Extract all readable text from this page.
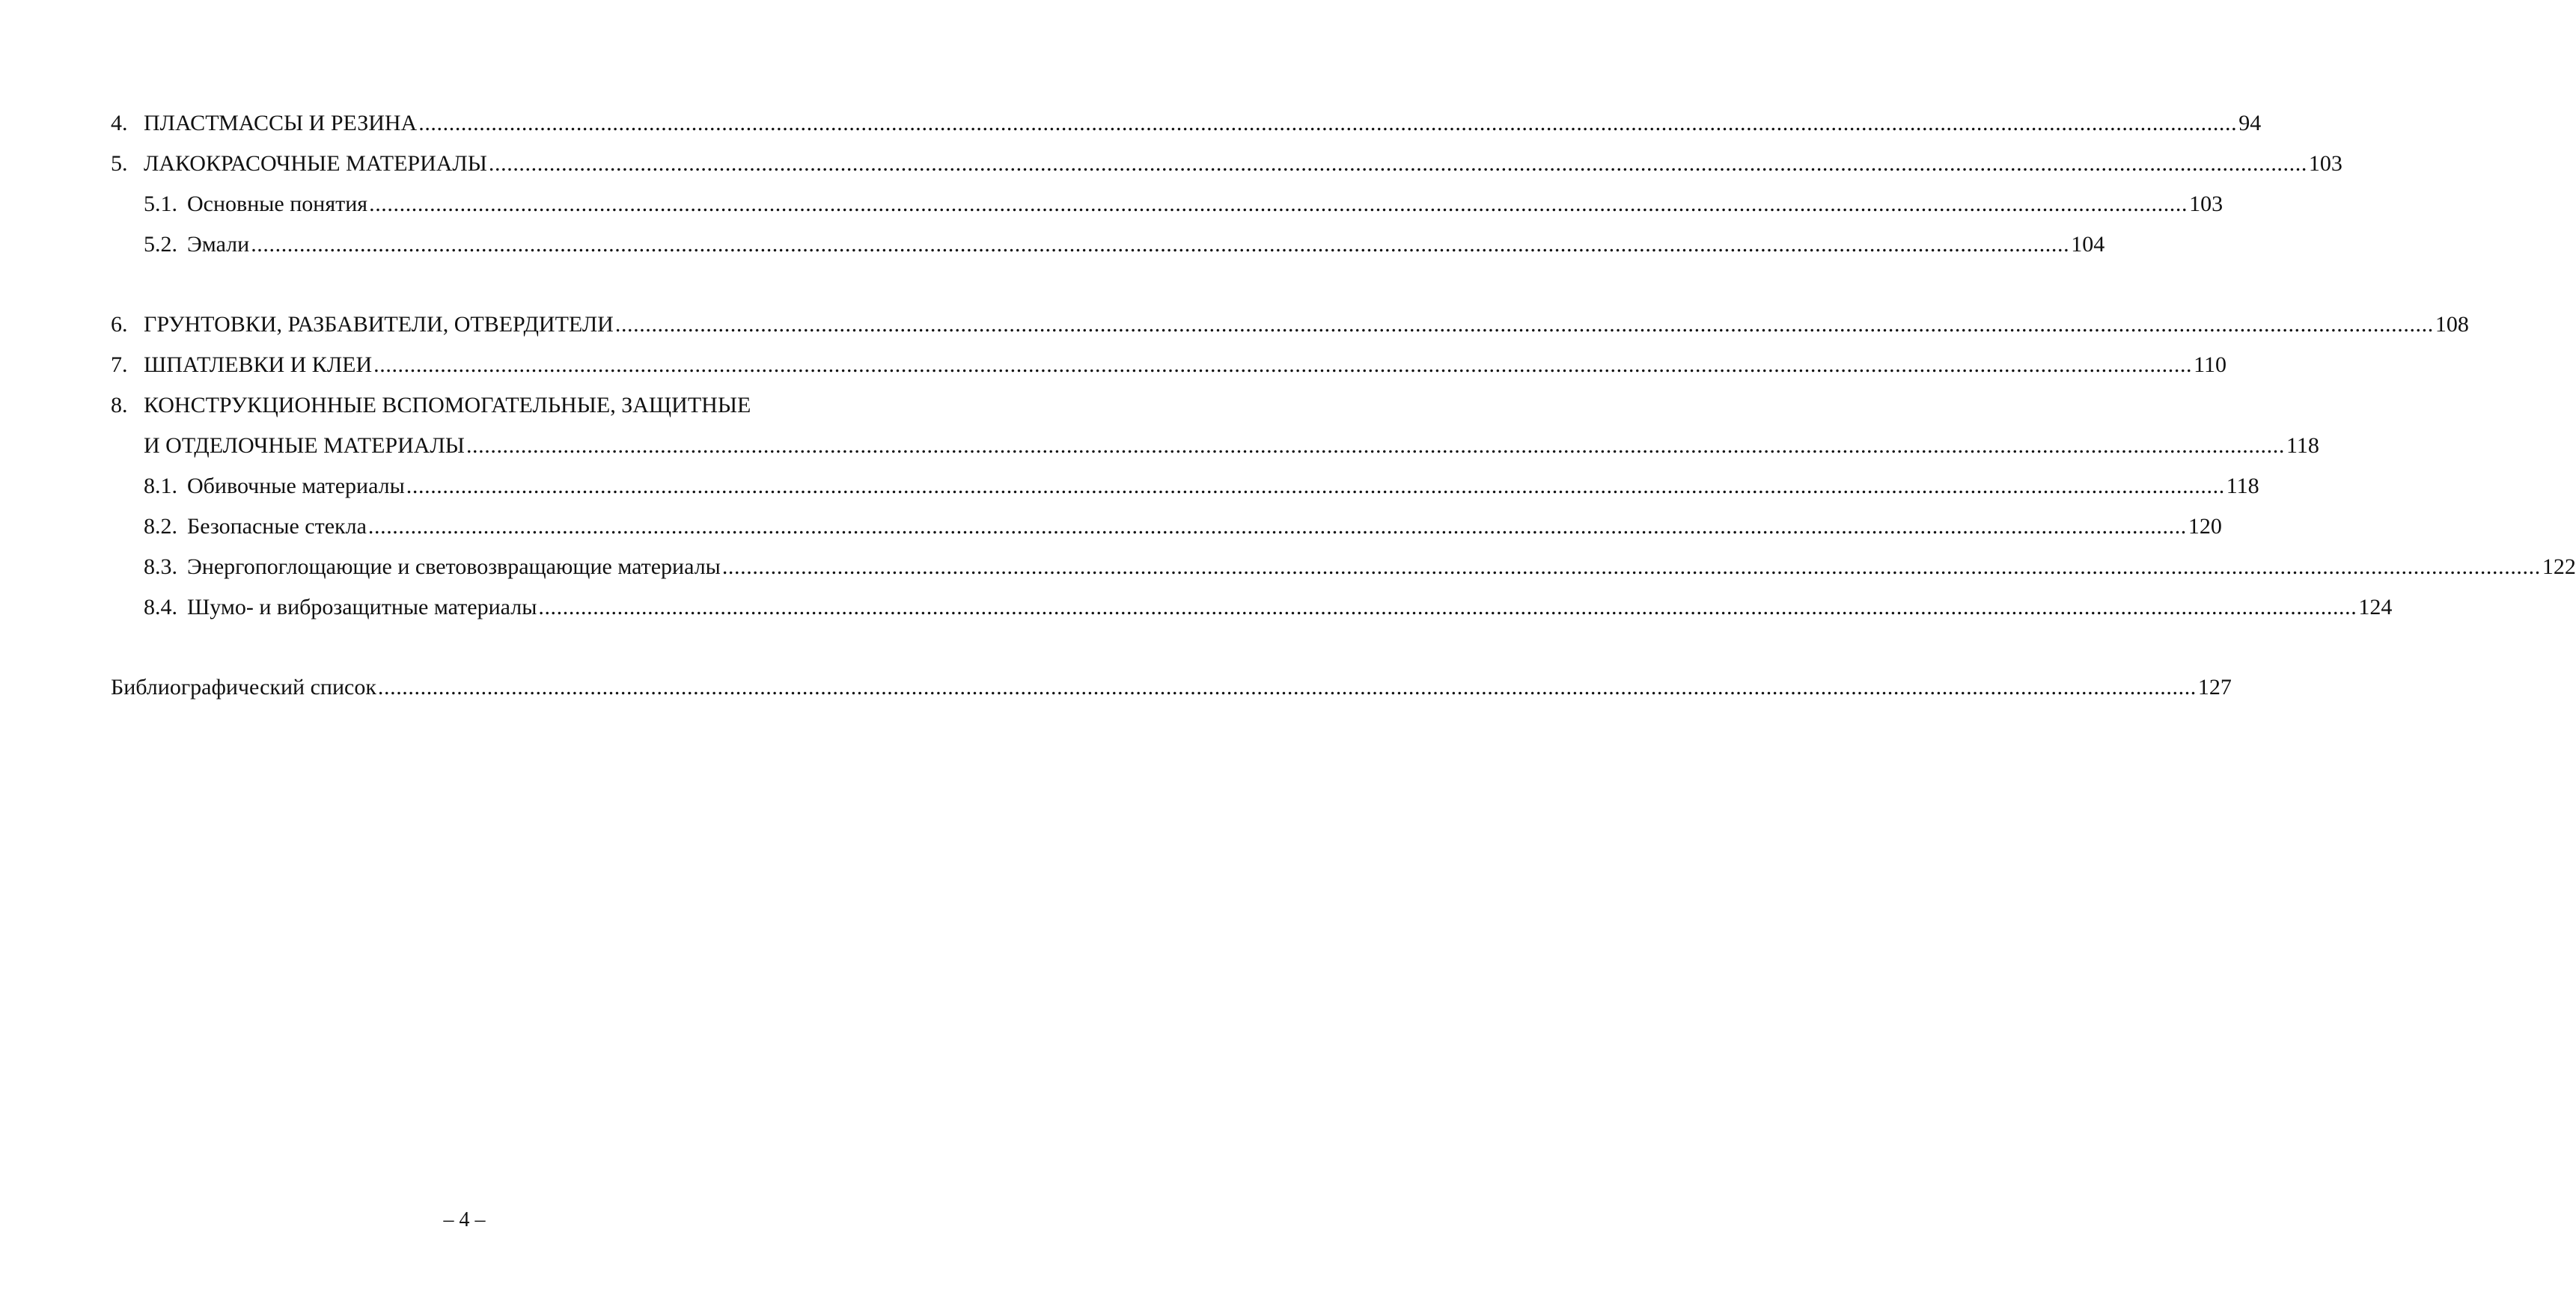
4. ПЛАСТМАССЫ И РЕЗИНА ............................................................................................................................................................................................................................................................................................................ 94
5. ЛАКОКРАСОЧНЫЕ МАТЕРИАЛЫ ............................................................................................................................................................................................................................................................................................................ 103
5.1. Основные понятия ............................................................................................................................................................................................................................................................................................................ 103
5.2. Эмали ............................................................................................................................................................................................................................................................................................................ 104
6. ГРУНТОВКИ, РАЗБАВИТЕЛИ, ОТВЕРДИТЕЛИ ............................................................................................................................................................................................................................................................................................................ 108
7. ШПАТЛЕВКИ И КЛЕИ ............................................................................................................................................................................................................................................................................................................ 110
8. КОНСТРУКЦИОННЫЕ ВСПОМОГАТЕЛЬНЫЕ, ЗАЩИТНЫЕ
И ОТДЕЛОЧНЫЕ МАТЕРИАЛЫ ............................................................................................................................................................................................................................................................................................................ 118
8.1. Обивочные материалы ............................................................................................................................................................................................................................................................................................................ 118
8.2. Безопасные стекла ............................................................................................................................................................................................................................................................................................................ 120
8.3. Энергопоглощающие и световозвращающие материалы ............................................................................................................................................................................................................................................................................................................ 122
8.4. Шумо- и виброзащитные материалы ............................................................................................................................................................................................................................................................................................................ 124
Библиографический список ............................................................................................................................................................................................................................................................................................................ 127
– 4 –
